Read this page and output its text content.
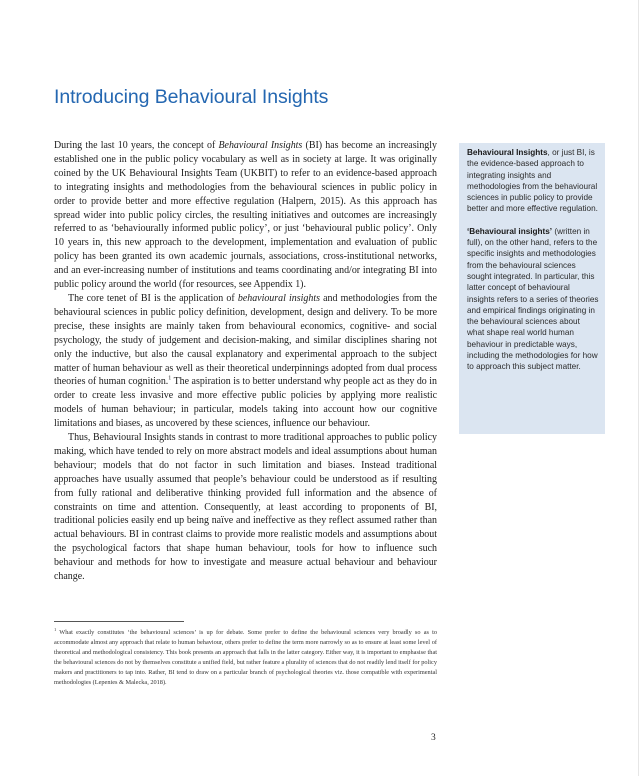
Introducing Behavioural Insights

During the last 10 years, the concept of Behavioural Insights (BI) has become an increasingly established one in the public policy vocabulary as well as in society at large. It was originally coined by the UK Behavioural Insights Team (UKBIT) to refer to an evidence-based approach to integrating insights and methodologies from the behavioural sciences in public policy in order to provide better and more effective regulation (Halpern, 2015). As this approach has spread wider into public policy circles, the resulting initiatives and outcomes are increasingly referred to as ‘behaviourally informed public policy’, or just ‘behavioural public policy’. Only 10 years in, this new approach to the development, implementation and evaluation of public policy has been granted its own academic journals, associations, cross-institutional networks, and an ever-increasing number of institutions and teams coordinating and/or integrating BI into public policy around the world (for resources, see Appendix 1).

The core tenet of BI is the application of behavioural insights and methodologies from the behavioural sciences in public policy definition, development, design and delivery. To be more precise, these insights are mainly taken from behavioural economics, cognitive- and social psychology, the study of judgement and decision-making, and similar disciplines sharing not only the inductive, but also the causal explanatory and experimental approach to the subject matter of human behaviour as well as their theoretical underpinnings adopted from dual process theories of human cognition.$^1$ The aspiration is to better understand why people act as they do in order to create less invasive and more effective public policies by applying more realistic models of human behaviour; in particular, models taking into account how our cognitive limitations and biases, as uncovered by these sciences, influence our behaviour.

Thus, Behavioural Insights stands in contrast to more traditional approaches to public policy making, which have tended to rely on more abstract models and ideal assumptions about human behaviour; models that do not factor in such limitation and biases. Instead traditional approaches have usually assumed that people’s behaviour could be understood as if resulting from fully rational and deliberative thinking provided full information and the absence of constraints on time and attention. Consequently, at least according to proponents of BI, traditional policies easily end up being naïve and ineffective as they reflect assumed rather than actual behaviours. BI in contrast claims to provide more realistic models and assumptions about the psychological factors that shape human behaviour, tools for how to influence such behaviour and methods for how to investigate and measure actual behaviour and behaviour change.

Behavioural Insights, or just BI, is the evidence-based approach to integrating insights and methodologies from the behavioural sciences in public policy to provide better and more effective regulation.

‘Behavioural insights’ (written in full), on the other hand, refers to the specific insights and methodologies from the behavioural sciences sought integrated. In particular, this latter concept of behavioural insights refers to a series of theories and empirical findings originating in the behavioural sciences about what shape real world human behaviour in predictable ways, including the methodologies for how to approach this subject matter.

$^1$ What exactly constitutes ‘the behavioural sciences’ is up for debate. Some prefer to define the behavioural sciences very broadly so as to accommodate almost any approach that relate to human behaviour, others prefer to define the term more narrowly so as to ensure at least some level of theoretical and methodological consistency. This book presents an approach that falls in the latter category. Either way, it is important to emphasise that the behavioural sciences do not by themselves constitute a unified field, but rather feature a plurality of sciences that do not readily lend itself for policy makers and practitioners to tap into. Rather, BI tend to draw on a particular branch of psychological theories viz. those compatible with experimental methodologies (Lepenies & Malecka, 2018).

3
